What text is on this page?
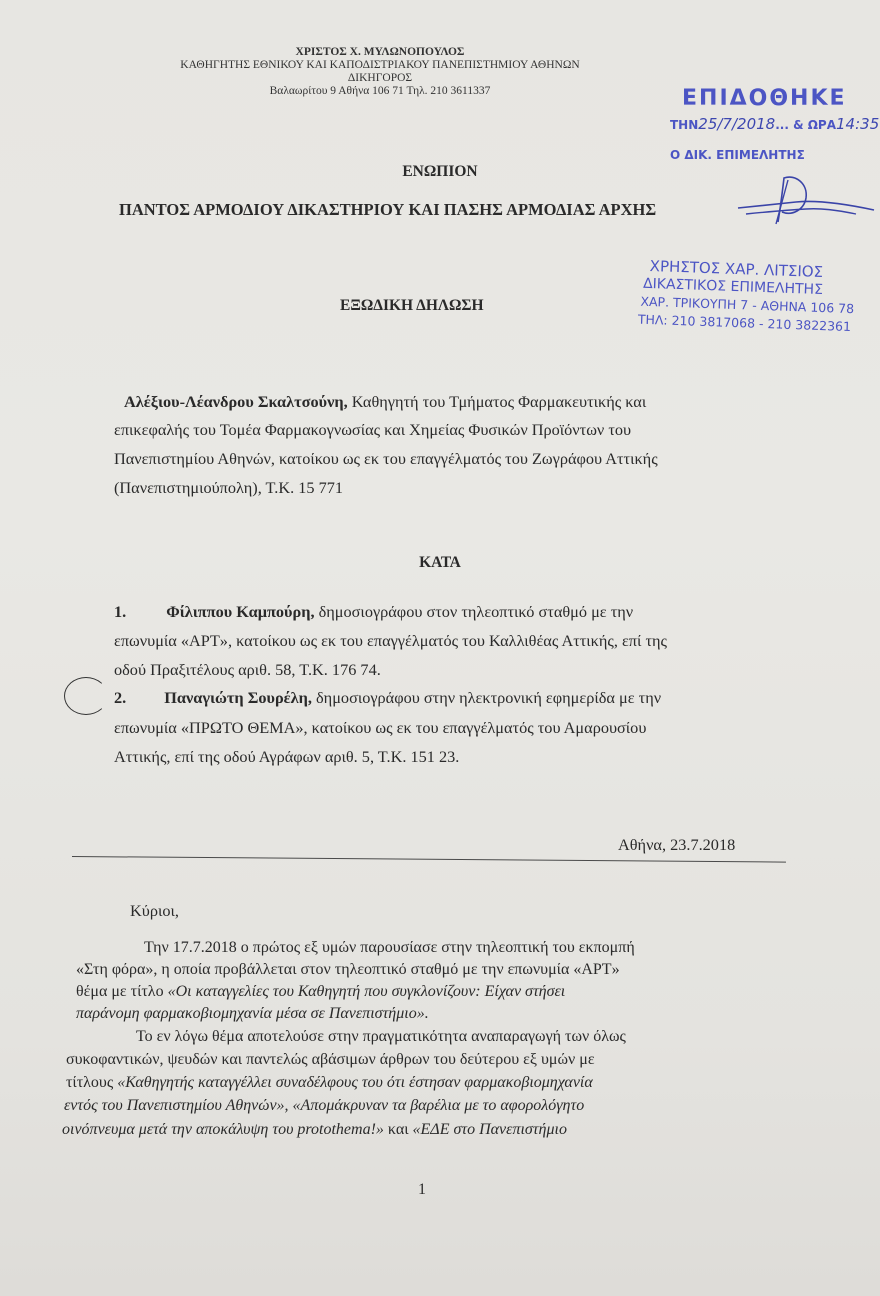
ΧΡΙΣΤΟΣ Χ. ΜΥΛΩΝΟΠΟΥΛΟΣ
ΚΑΘΗΓΗΤΗΣ ΕΘΝΙΚΟΥ ΚΑΙ ΚΑΠΟΔΙΣΤΡΙΑΚΟΥ ΠΑΝΕΠΙΣΤΗΜΙΟΥ ΑΘΗΝΩΝ
ΔΙΚΗΓΟΡΟΣ
Βαλαωρίτου 9 Αθήνα 106 71 Τηλ. 210 3611337	ΕΠΙΔΟΘΗΚΕ
ΤΗΝ25/7/2018... & ΩΡΑ14:35
Ο ΔΙΚ. ΕΠΙΜΕΛΗΤΗΣ
ΕΝΩΠΙΟΝ
ΠΑΝΤΟΣ ΑΡΜΟΔΙΟΥ ΔΙΚΑΣΤΗΡΙΟΥ ΚΑΙ ΠΑΣΗΣ ΑΡΜΟΔΙΑΣ ΑΡΧΗΣ
ΧΡΗΣΤΟΣ ΧΑΡ. ΛΙΤΣΙΟΣ
ΔΙΚΑΣΤΙΚΟΣ ΕΠΙΜΕΛΗΤΗΣ
ΧΑΡ. ΤΡΙΚΟΥΠΗ 7 - ΑΘΗΝΑ 106 78
ΤΗΛ: 210 3817068 - 210 3822361
ΕΞΩΔΙΚΗ ΔΗΛΩΣΗ
Αλέξιου-Λέανδρου Σκαλτσούνη, Καθηγητή του Τμήματος Φαρμακευτικής και
επικεφαλής του Τομέα Φαρμακογνωσίας και Χημείας Φυσικών Προϊόντων του
Πανεπιστημίου Αθηνών, κατοίκου ως εκ του επαγγέλματός του Ζωγράφου Αττικής
(Πανεπιστημιούπολη), Τ.Κ. 15 771
ΚΑΤΑ
1. Φίλιππου Καμπούρη, δημοσιογράφου στον τηλεοπτικό σταθμό με την
επωνυμία «ΑΡΤ», κατοίκου ως εκ του επαγγέλματός του Καλλιθέας Αττικής, επί της
οδού Πραξιτέλους αριθ. 58, Τ.Κ. 176 74.
2. Παναγιώτη Σουρέλη, δημοσιογράφου στην ηλεκτρονική εφημερίδα με την
επωνυμία «ΠΡΩΤΟ ΘΕΜΑ», κατοίκου ως εκ του επαγγέλματός του Αμαρουσίου
Αττικής, επί της οδού Αγράφων αριθ. 5, Τ.Κ. 151 23.
Αθήνα, 23.7.2018
Κύριοι,
Την 17.7.2018 ο πρώτος εξ υμών παρουσίασε στην τηλεοπτική του εκπομπή
«Στη φόρα», η οποία προβάλλεται στον τηλεοπτικό σταθμό με την επωνυμία «ΑΡΤ»
θέμα με τίτλο «Οι καταγγελίες του Καθηγητή που συγκλονίζουν: Είχαν στήσει
παράνομη φαρμακοβιομηχανία μέσα σε Πανεπιστήμιο».
Το εν λόγω θέμα αποτελούσε στην πραγματικότητα αναπαραγωγή των όλως
συκοφαντικών, ψευδών και παντελώς αβάσιμων άρθρων του δεύτερου εξ υμών με
τίτλους «Καθηγητής καταγγέλλει συναδέλφους του ότι έστησαν φαρμακοβιομηχανία
εντός του Πανεπιστημίου Αθηνών», «Απομάκρυναν τα βαρέλια με το αφορολόγητο
οινόπνευμα μετά την αποκάλυψη του protothema!» και «ΕΔΕ στο Πανεπιστήμιο
1
